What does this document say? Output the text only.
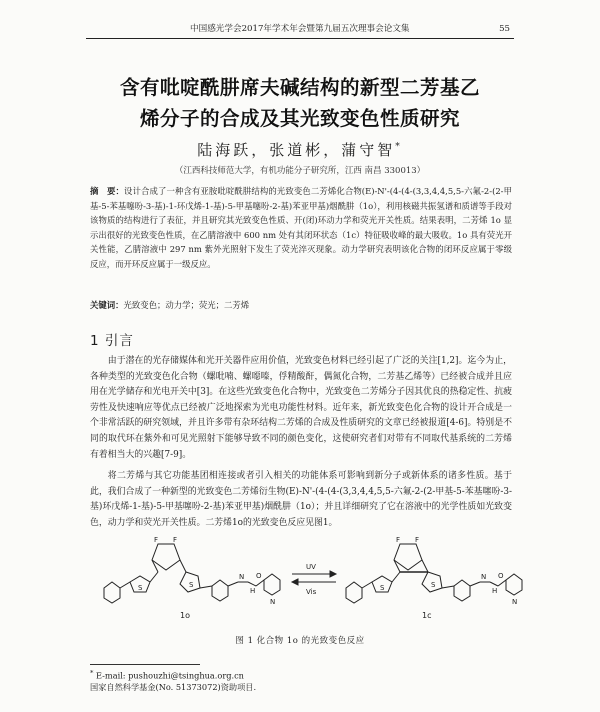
中国感光学会2017年学术年会暨第九届五次理事会论文集	55
含有吡啶酰肼席夫碱结构的新型二芳基乙
烯分子的合成及其光致变色性质研究
陆海跃，张道彬，蒲守智*
（江西科技师范大学，有机功能分子研究所，江西 南昌 330013）
摘　要：设计合成了一种含有亚胺吡啶酰肼结构的光致变色二芳烯化合物(E)-N'-(4-(4-(3,3,4,4,5,5-六氟-2-(2-甲基-5-苯基噻吩-3-基)-1-环戊烯-1-基)-5-甲基噻吩-2-基)苯亚甲基)烟酰肼（1o），利用核磁共振氢谱和质谱等手段对该物质的结构进行了表征，并且研究其光致变色性质、开(闭)环动力学和荧光开关性质。结果表明，二芳烯 1o 显示出很好的光致变色性质，在乙腈溶液中 600 nm 处有其闭环状态（1c）特征吸收峰的最大吸收。1o 具有荧光开关性能，乙腈溶液中 297 nm 紫外光照射下发生了荧光淬灭现象。动力学研究表明该化合物的闭环反应属于零级反应，而开环反应属于一级反应。
关键词：光致变色；动力学；荧光；二芳烯
1 引言

由于潜在的光存储媒体和光开关器件应用价值，光致变色材料已经引起了广泛的关注[1,2]。迄今为止，各种类型的光致变色化合物（螺吡喃、螺噁嗪，俘精酸酐，偶氮化合物，二芳基乙烯等）已经被合成并且应用在光学储存和光电开关中[3]。在这些光致变色化合物中，光致变色二芳烯分子因其优良的热稳定性、抗疲劳性及快速响应等优点已经被广泛地探索为光电功能性材料。近年来，新光致变色化合物的设计开合成是一个非常活跃的研究领域，并且许多带有杂环结构二芳烯的合成及性质研究的文章已经被报道[4-6]。特别是不同的取代环在紫外和可见光照射下能够导致不同的颜色变化，这使研究者们对带有不同取代基系统的二芳烯有着相当大的兴趣[7-9]。

将二芳烯与其它功能基团相连接或者引入相关的功能体系可影响到新分子或新体系的诸多性质。基于此，我们合成了一种新型的光致变色二芳烯衍生物(E)-N'-(4-(4-(3,3,4,4,5,5-六氟-2-(2-甲基-5-苯基噻吩-3-基)环戊烯-1-基)-5-甲基噻吩-2-基)苯亚甲基)烟酰肼（1o）；并且详细研究了它在溶液中的光学性质如光致变色，动力学和荧光开关性质。二芳烯1o的光致变色反应见图1。

S	S
F F
N
H
O
N
1o
UV
Vis	S	S
F F
N
H
O
N
1c
图 1 化合物 1o 的光致变色反应
* E-mail: pushouzhi@tsinghua.org.cn
国家自然科学基金(No. 51373072)资助项目.
